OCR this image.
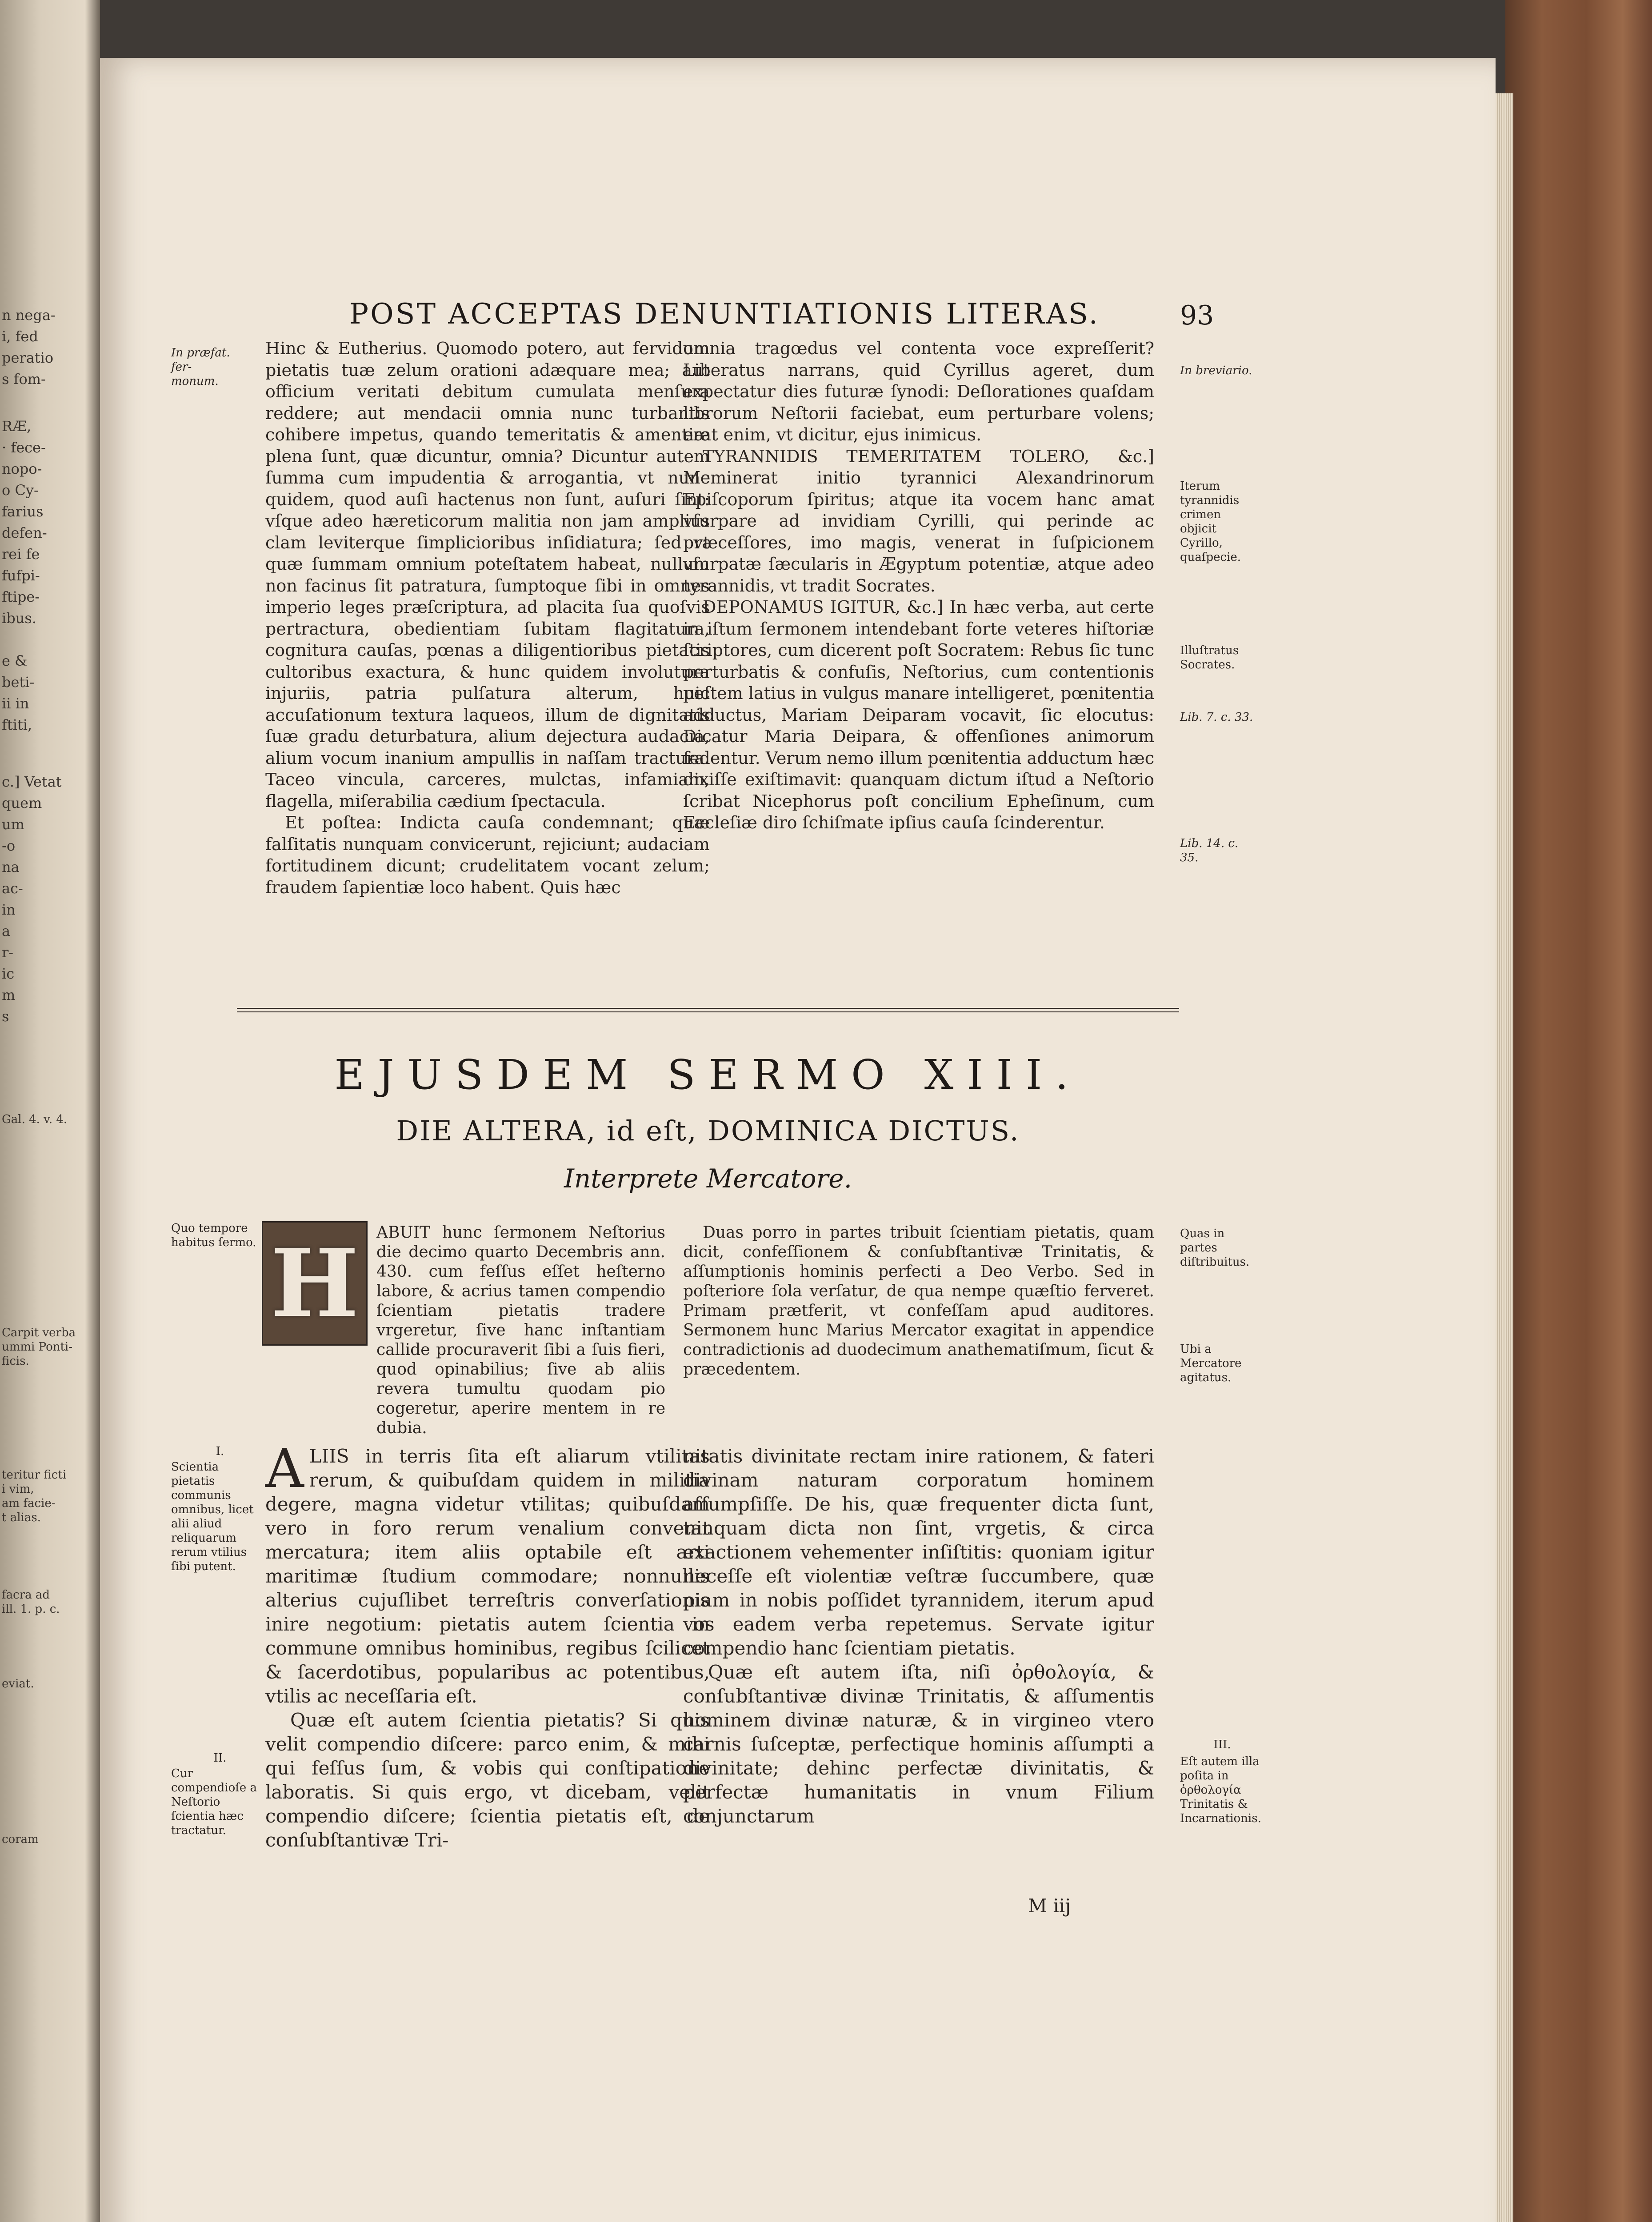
n nega-
i, fed
peratio
s fom-
RÆ,
· fece-
nopo-
o Cy-
farius
defen-
rei fe
fufpi-
ftipe-
ibus.
e &
beti-
ii in
ftiti,
c.] Vetat
quem
um
-o
na
ac-
in
a
r-
ic
m
s
Gal. 4. v. 4.
Carpit verba
ummi Ponti-
ficis.
teritur ficti
i vim,
am facie-
t alias.
facra ad
ill. 1. p. c.
eviat.
coram
POST ACCEPTAS DENUNTIATIONIS LITERAS.	93
In præfat. fer-monum.

Hinc & Eutherius. Quomodo potero, aut fervidum pietatis tuæ zelum orationi adæquare mea; aut officium veritati debitum cumulata menſura reddere; aut mendacii omnia nunc turbantis cohibere impetus, quando temeritatis & amentiæ plena ſunt, quæ dicuntur, omnia? Dicuntur autem ſumma cum impudentia & arrogantia, vt nunc quidem, quod auſi hactenus non ſunt, auſuri ſint: vſque adeo hæreticorum malitia non jam amplius clam leviterque ſimplicioribus inſidiatura; ſed vt quæ ſummam omnium poteſtatem habeat, nullum non facinus ſit patratura, ſumptoque ſibi in omnes imperio leges præſcriptura, ad placita ſua quoſvis pertractura, obedientiam ſubitam flagitatura, cognitura cauſas, pœnas a diligentioribus pietatis cultoribus exactura, & hunc quidem involutura injuriis, patria pulſatura alterum, huic accuſationum textura laqueos, illum de dignitatis ſuæ gradu deturbatura, alium dejectura audacia, alium vocum inanium ampullis in naſſam tractura. Taceo vincula, carceres, mulctas, infamiam, flagella, miſerabilia cædium ſpectacula.

Et poſtea: Indicta cauſa condemnant; quæ falſitatis nunquam convicerunt, rejiciunt; audaciam fortitudinem dicunt; crudelitatem vocant zelum; fraudem ſapientiæ loco habent. Quis hæc

omnia tragœdus vel contenta voce expreſſerit? Liberatus narrans, quid Cyrillus ageret, dum expectatur dies futuræ ſynodi: Deſlorationes quaſdam librorum Neſtorii faciebat, eum perturbare volens; erat enim, vt dicitur, ejus inimicus.

TYRANNIDIS TEMERITATEM TOLERO, &c.] Meminerat initio tyrannici Alexandrinorum Epiſcoporum ſpiritus; atque ita vocem hanc amat vſurpare ad invidiam Cyrilli, qui perinde ac præceſſores, imo magis, venerat in ſuſpicionem vſurpatæ ſæcularis in Ægyptum potentiæ, atque adeo tyrannidis, vt tradit Socrates.

DEPONAMUS IGITUR, &c.] In hæc verba, aut certe in iſtum ſermonem intendebant forte veteres hiſtoriæ ſcriptores, cum dicerent poſt Socratem: Rebus ſic tunc perturbatis & confuſis, Neſtorius, cum contentionis peſtem latius in vulgus manare intelligeret, pœnitentia adductus, Mariam Deiparam vocavit, ſic elocutus: Dicatur Maria Deipara, & offenſiones animorum ſedentur. Verum nemo illum pœnitentia adductum hæc dixiſſe exiſtimavit: quanquam dictum iſtud a Neſtorio ſcribat Nicephorus poſt concilium Epheſinum, cum Eccleſiæ diro ſchiſmate ipſius cauſa ſcinderentur.

In breviario.
Iterum tyrannidis crimen objicit Cyrillo, quaſpecie.
Illuſtratus Socrates.
Lib. 7. c. 33.
Lib. 14. c. 35.
EJUSDEM SERMO XIII.
DIE ALTERA, id eſt, DOMINICA DICTUS.
Interprete Mercatore.
Quo tempore habitus ſermo. H ABUIT hunc ſermonem Neſtorius die decimo quarto Decembris ann. 430. cum feſſus eſſet heſterno labore, & acrius tamen compendio ſcientiam pietatis tradere vrgeretur, ſive hanc inſtantiam callide procuraverit ſibi a ſuis fieri, quod opinabilius; ſive ab aliis revera tumultu quodam pio cogeretur, aperire mentem in re dubia.

Duas porro in partes tribuit ſcientiam pietatis, quam dicit, confeſſionem & conſubſtantivæ Trinitatis, & aſſumptionis hominis perfecti a Deo Verbo. Sed in poſteriore ſola verſatur, de qua nempe quæſtio ferveret. Primam prætferit, vt confeſſam apud auditores. Sermonem hunc Marius Mercator exagitat in appendice contradictionis ad duodecimum anathematiſmum, ſicut & præcedentem.

Quas in partes diſtribuitus.
Ubi a Mercatore agitatus.
I.
Scientia pietatis communis omnibus, licet alii aliud reliquarum rerum vtilius ſibi putent.
II.
Cur compendioſe a Neſtorio ſcientia hæc tractatur.

ALIIS in terris ſita eſt aliarum vtilitas rerum, & quibuſdam quidem in militia degere, magna videtur vtilitas; quibuſdam vero in foro rerum venalium convenit mercatura; item aliis optabile eſt arti maritimæ ſtudium commodare; nonnullis alterius cujuſlibet terreſtris converſationis inire negotium: pietatis autem ſcientia in commune omnibus hominibus, regibus ſcilicet & ſacerdotibus, popularibus ac potentibus, vtilis ac neceſſaria eſt.

Quæ eſt autem ſcientia pietatis? Si quis velit compendio diſcere: parco enim, & mihi qui feſſus ſum, & vobis qui conſtipatione laboratis. Si quis ergo, vt dicebam, velit compendio diſcere; ſcientia pietatis eſt, de conſubſtantivæ Tri-

nitatis divinitate rectam inire rationem, & fateri divinam naturam corporatum hominem aſſumpſiſſe. De his, quæ frequenter dicta ſunt, tanquam dicta non ſint, vrgetis, & circa exactionem vehementer inſiſtitis: quoniam igitur neceſſe eſt violentiæ veſtræ ſuccumbere, quæ piam in nobis poſſidet tyrannidem, iterum apud vos eadem verba repetemus. Servate igitur compendio hanc ſcientiam pietatis.

Quæ eſt autem iſta, niſi ὀρθολογία, & conſubſtantivæ divinæ Trinitatis, & aſſumentis hominem divinæ naturæ, & in virgineo vtero carnis ſuſceptæ, perfectique hominis aſſumpti a divinitate; dehinc perfectæ divinitatis, & perfectæ humanitatis in vnum Filium conjunctarum

III.
Eſt autem illa poſita in ὀρθολογία Trinitatis & Incarnationis.
M iij
